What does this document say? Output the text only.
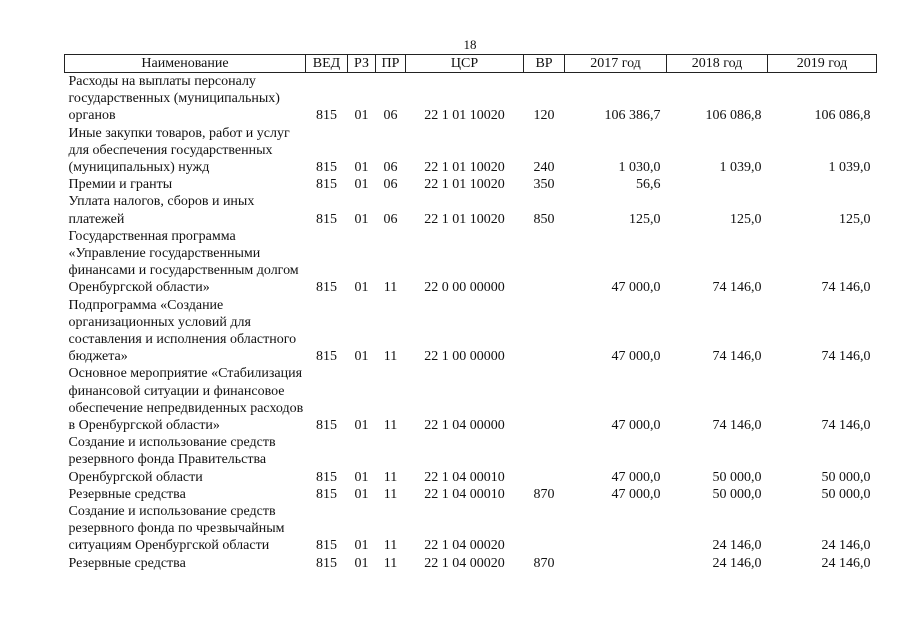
18
Наименование	ВЕД	РЗ	ПР	ЦСР	ВР	2017 год	2018 год	2019 год
Расходы на выплаты персоналу государственных (муниципальных) органов	815	01	06	22 1 01 10020	120	106 386,7	106 086,8	106 086,8
Иные закупки товаров, работ и услуг для обеспечения государственных (муниципальных) нужд	815	01	06	22 1 01 10020	240	1 030,0	1 039,0	1 039,0
Премии и гранты	815	01	06	22 1 01 10020	350	56,6		
Уплата налогов, сборов и иных платежей	815	01	06	22 1 01 10020	850	125,0	125,0	125,0
Государственная программа «Управление государственными финансами и государственным долгом Оренбургской области»	815	01	11	22 0 00 00000		47 000,0	74 146,0	74 146,0
Подпрограмма «Создание организационных условий для составления и исполнения областного бюджета»	815	01	11	22 1 00 00000		47 000,0	74 146,0	74 146,0
Основное мероприятие «Стабилизация финансовой ситуации и финансовое обеспечение непредвиденных расходов в Оренбургской области»	815	01	11	22 1 04 00000		47 000,0	74 146,0	74 146,0
Создание и использование средств резервного фонда Правительства Оренбургской области	815	01	11	22 1 04 00010		47 000,0	50 000,0	50 000,0
Резервные средства	815	01	11	22 1 04 00010	870	47 000,0	50 000,0	50 000,0
Создание и использование средств резервного фонда по чрезвычайным ситуациям Оренбургской области	815	01	11	22 1 04 00020			24 146,0	24 146,0
Резервные средства	815	01	11	22 1 04 00020	870		24 146,0	24 146,0
